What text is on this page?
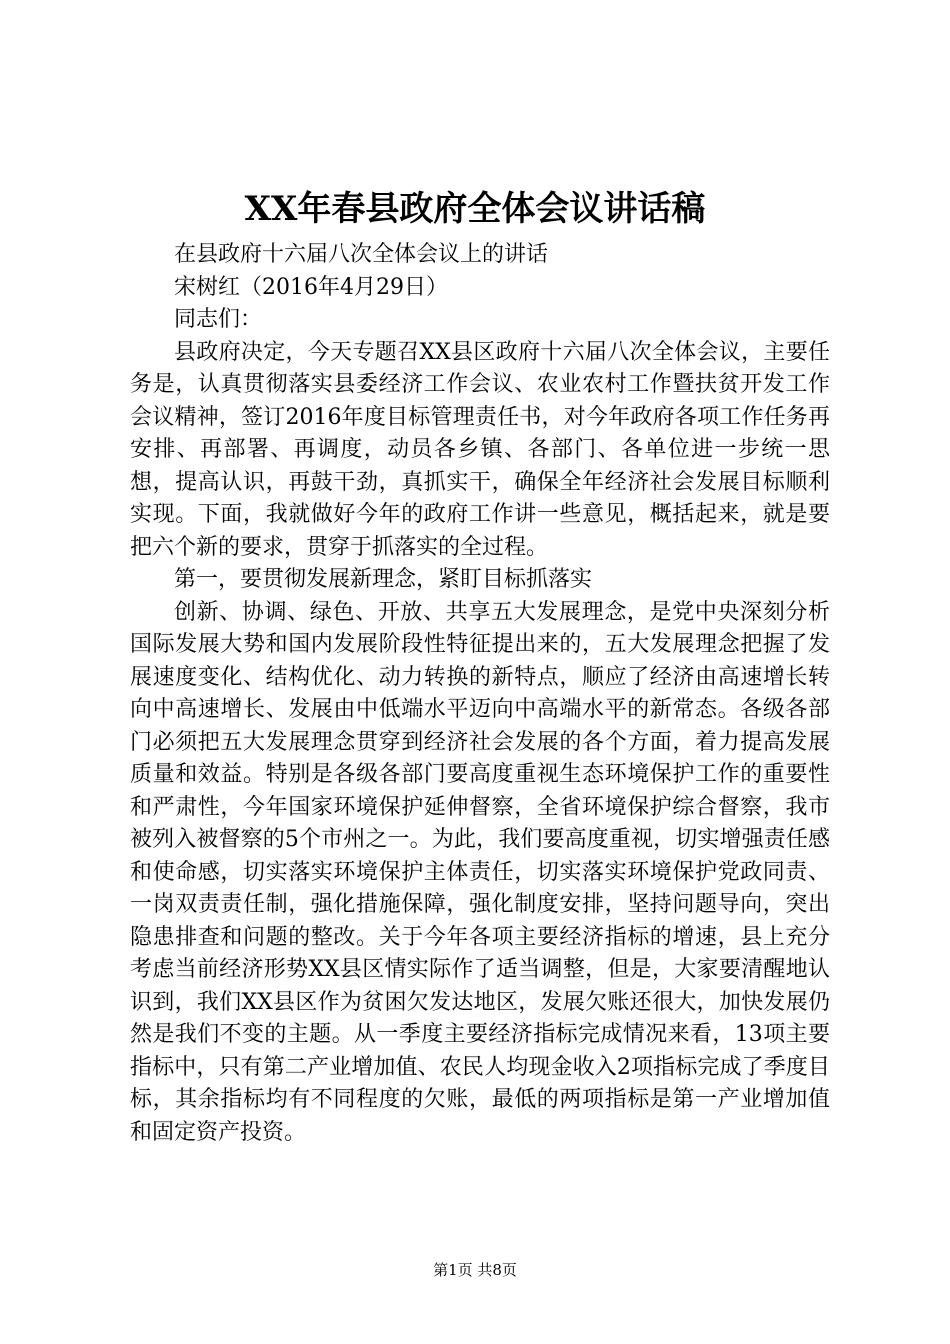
XX年春县政府全体会议讲话稿

在县政府十六届八次全体会议上的讲话

宋树红（2016年4月29日）

同志们：

县政府决定，今天专题召XX县区政府十六届八次全体会议，主要任务是，认真贯彻落实县委经济工作会议、农业农村工作暨扶贫开发工作会议精神，签订2016年度目标管理责任书，对今年政府各项工作任务再安排、再部署、再调度，动员各乡镇、各部门、各单位进一步统一思想，提高认识，再鼓干劲，真抓实干，确保全年经济社会发展目标顺利实现。下面，我就做好今年的政府工作讲一些意见，概括起来，就是要把六个新的要求，贯穿于抓落实的全过程。

第一，要贯彻发展新理念，紧盯目标抓落实

创新、协调、绿色、开放、共享五大发展理念，是党中央深刻分析国际发展大势和国内发展阶段性特征提出来的，五大发展理念把握了发展速度变化、结构优化、动力转换的新特点，顺应了经济由高速增长转向中高速增长、发展由中低端水平迈向中高端水平的新常态。各级各部门必须把五大发展理念贯穿到经济社会发展的各个方面，着力提高发展质量和效益。特别是各级各部门要高度重视生态环境保护工作的重要性和严肃性，今年国家环境保护延伸督察，全省环境保护综合督察，我市被列入被督察的5个市州之一。为此，我们要高度重视，切实增强责任感和使命感，切实落实环境保护主体责任，切实落实环境保护党政同责、一岗双责责任制，强化措施保障，强化制度安排，坚持问题导向，突出隐患排查和问题的整改。关于今年各项主要经济指标的增速，县上充分考虑当前经济形势XX县区情实际作了适当调整，但是，大家要清醒地认识到，我们XX县区作为贫困欠发达地区，发展欠账还很大，加快发展仍然是我们不变的主题。从一季度主要经济指标完成情况来看，13项主要指标中，只有第二产业增加值、农民人均现金收入2项指标完成了季度目标，其余指标均有不同程度的欠账，最低的两项指标是第一产业增加值和固定资产投资。

第1页 共8页
